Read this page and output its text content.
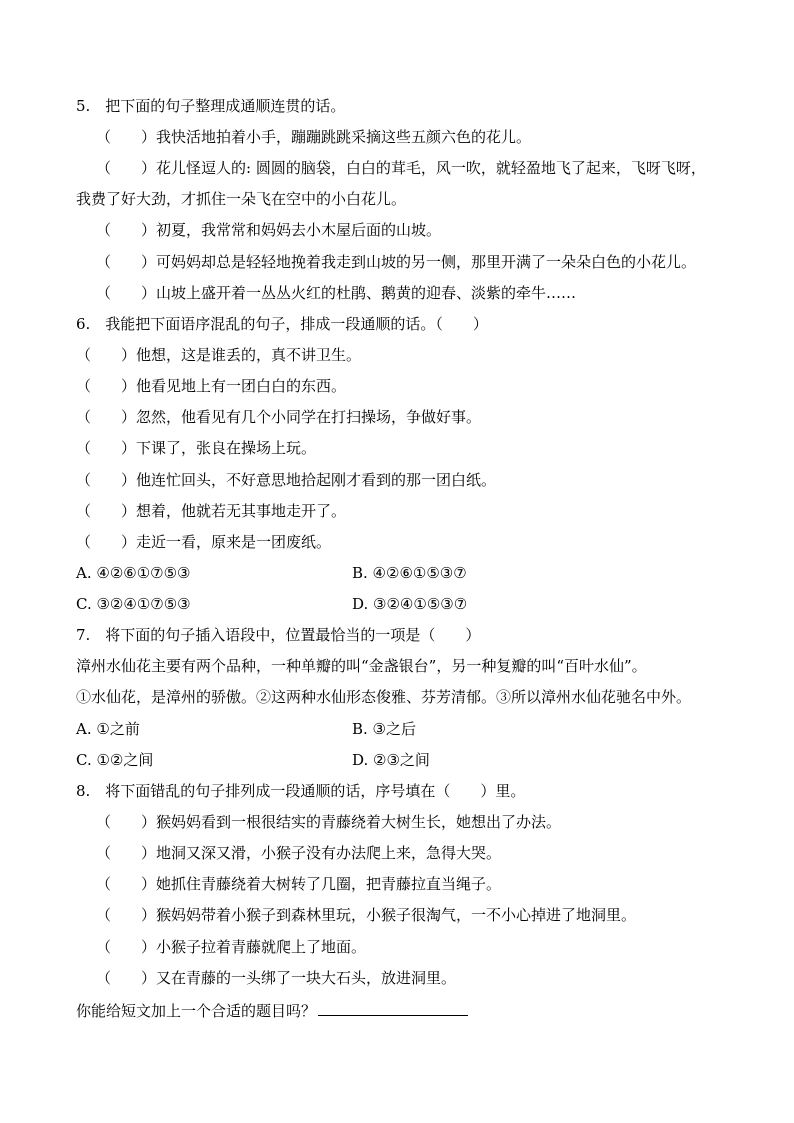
5.　把下面的句子整理成通顺连贯的话。
（　　）我快活地拍着小手，蹦蹦跳跳采摘这些五颜六色的花儿。
（　　）花儿怪逗人的: 圆圆的脑袋，白白的茸毛，风一吹，就轻盈地飞了起来，飞呀飞呀，
我费了好大劲，才抓住一朵飞在空中的小白花儿。
（　　）初夏，我常常和妈妈去小木屋后面的山坡。
（　　）可妈妈却总是轻轻地挽着我走到山坡的另一侧，那里开满了一朵朵白色的小花儿。
（　　）山坡上盛开着一丛丛火红的杜鹃、鹅黄的迎春、淡紫的牵牛……
6.　我能把下面语序混乱的句子，排成一段通顺的话。（　　）
（　　）他想，这是谁丢的，真不讲卫生。
（　　）他看见地上有一团白白的东西。
（　　）忽然，他看见有几个小同学在打扫操场，争做好事。
（　　）下课了，张良在操场上玩。
（　　）他连忙回头，不好意思地拾起刚才看到的那一团白纸。
（　　）想着，他就若无其事地走开了。
（　　）走近一看，原来是一团废纸。
A. ④②⑥①⑦⑤③	B. ④②⑥①⑤③⑦
C. ③②④①⑦⑤③	D. ③②④①⑤③⑦
7.　将下面的句子插入语段中，位置最恰当的一项是（　　）
漳州水仙花主要有两个品种，一种单瓣的叫“金盏银台”，另一种复瓣的叫“百叶水仙”。
①水仙花，是漳州的骄傲。②这两种水仙形态俊雅、芬芳清郁。③所以漳州水仙花驰名中外。
A. ①之前	B. ③之后
C. ①②之间	D. ②③之间
8.　将下面错乱的句子排列成一段通顺的话，序号填在（　　）里。
（　　）猴妈妈看到一根很结实的青藤绕着大树生长，她想出了办法。
（　　）地洞又深又滑，小猴子没有办法爬上来，急得大哭。
（　　）她抓住青藤绕着大树转了几圈，把青藤拉直当绳子。
（　　）猴妈妈带着小猴子到森林里玩，小猴子很淘气，一不小心掉进了地洞里。
（　　）小猴子拉着青藤就爬上了地面。
（　　）又在青藤的一头绑了一块大石头，放进洞里。
你能给短文加上一个合适的题目吗？
